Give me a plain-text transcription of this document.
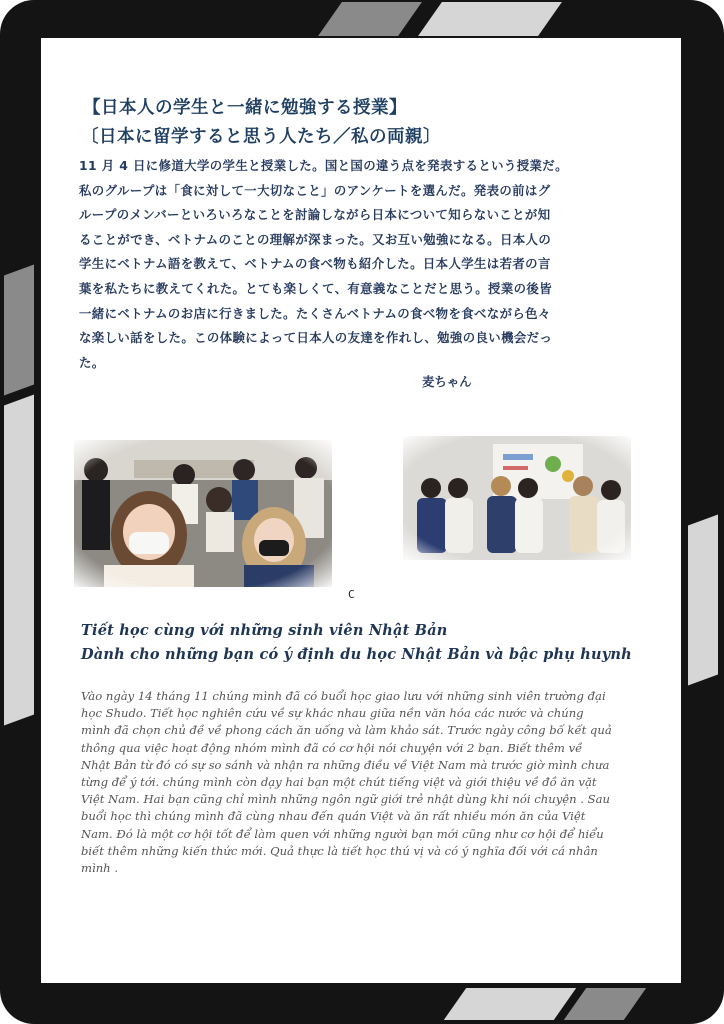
【日本人の学生と一緒に勉強する授業】
〔日本に留学すると思う人たち／私の両親〕
11 月 4 日に修道大学の学生と授業した。国と国の違う点を発表するという授業だ。
私のグループは「食に対して一大切なこと」のアンケートを選んだ。発表の前はグ
ループのメンバーといろいろなことを討論しながら日本について知らないことが知
ることができ、ベトナムのことの理解が深まった。又お互い勉強になる。日本人の
学生にベトナム語を教えて、ベトナムの食べ物も紹介した。日本人学生は若者の言
葉を私たちに教えてくれた。とても楽しくて、有意義なことだと思う。授業の後皆
一緒にベトナムのお店に行きました。たくさんベトナムの食べ物を食べながら色々
な楽しい話をした。この体験によって日本人の友達を作れし、勉強の良い機会だっ
た。
麦ちゃん
C
Tiết học cùng với những sinh viên Nhật Bản
Dành cho những bạn có ý định du học Nhật Bản và bậc phụ huynh
Vào ngày 14 tháng 11 chúng mình đã có buổi học giao lưu với những sinh viên trường đại
học Shudo. Tiết học nghiên cứu về sự khác nhau giữa nền văn hóa các nước và chúng
mình đã chọn chủ đề về phong cách ăn uống và làm khảo sát. Trước ngày công bố kết quả
thông qua việc hoạt động nhóm mình đã có cơ hội nói chuyện với 2 bạn. Biết thêm về
Nhật Bản từ đó có sự so sánh và nhận ra những điều về Việt Nam mà trước giờ mình chưa
từng để ý tới. chúng mình còn dạy hai bạn một chút tiếng việt và giới thiệu về đồ ăn vặt
Việt Nam. Hai bạn cũng chỉ mình những ngôn ngữ giới trẻ nhật dùng khi nói chuyện . Sau
buổi học thì chúng mình đã cùng nhau đến quán Việt và ăn rất nhiều món ăn của Việt
Nam. Đó là một cơ hội tốt để làm quen với những người bạn mới cũng như cơ hội để hiểu
biết thêm những kiến thức mới. Quả thực là tiết học thú vị và có ý nghĩa đối với cá nhân
mình .
